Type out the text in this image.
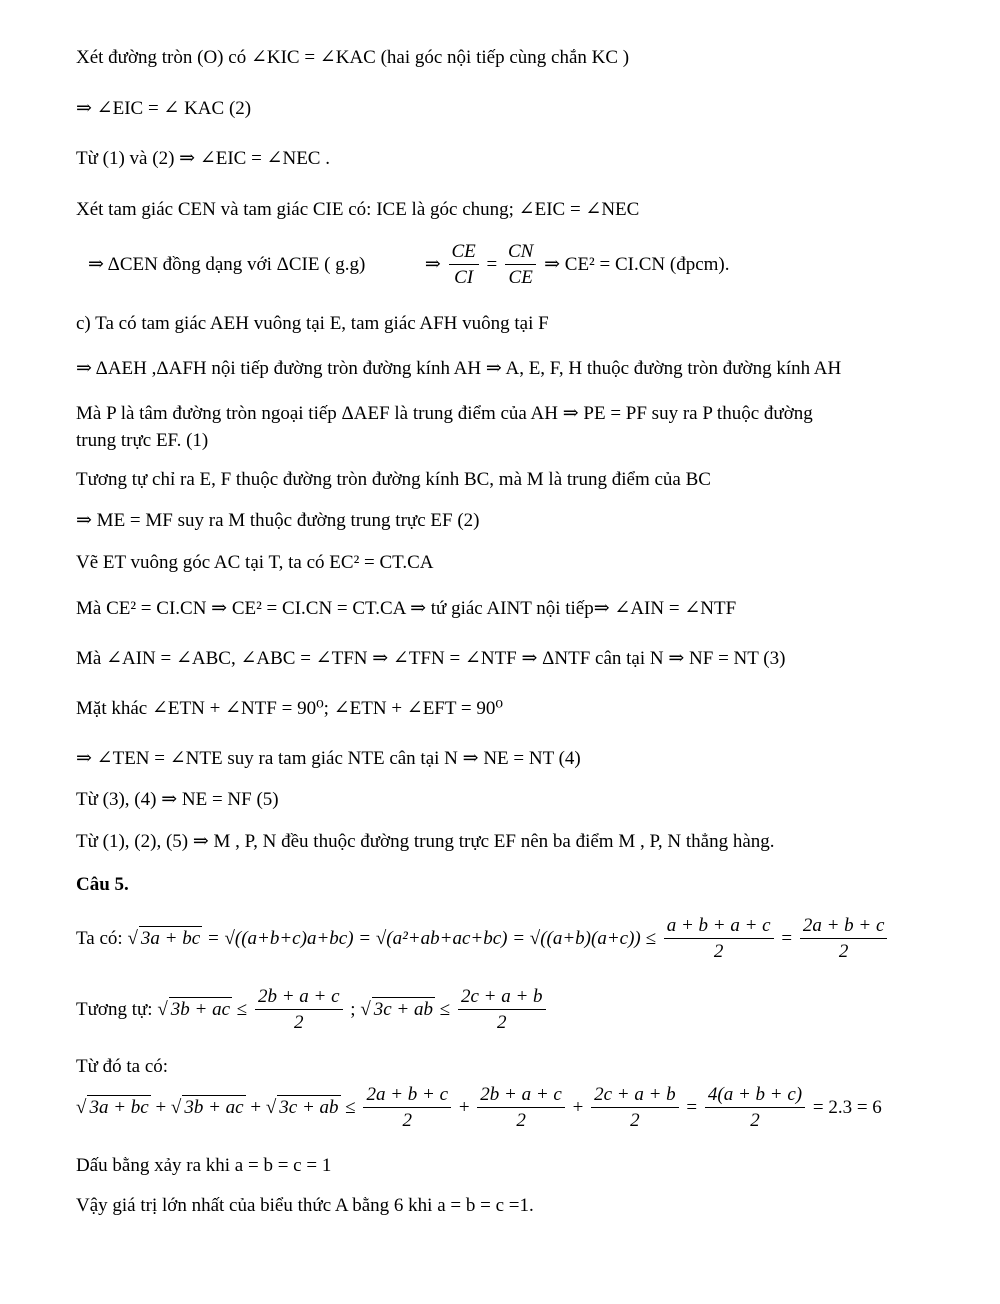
Xét đường tròn (O) có ∠KIC = ∠KAC (hai góc nội tiếp cùng chắn KC )
⇒ ∠EIC = ∠ KAC (2)
Từ (1) và (2) ⇒ ∠EIC = ∠NEC .
Xét tam giác CEN và tam giác CIE có: ICE là góc chung; ∠EIC = ∠NEC
⇒ ΔCEN đồng dạng với ΔCIE ( g.g)	⇒ $\frac{CE}{CI} = \frac{CN}{CE}$ ⇒ CE² = CI.CN (đpcm).
c) Ta có tam giác AEH vuông tại E, tam giác AFH vuông tại F
⇒ ΔAEH ,ΔAFH nội tiếp đường tròn đường kính AH ⇒ A, E, F, H thuộc đường tròn đường kính AH
Mà P là tâm đường tròn ngoại tiếp ΔAEF là trung điểm của AH ⇒ PE = PF suy ra P thuộc đường
trung trực EF. (1)
Tương tự chỉ ra E, F thuộc đường tròn đường kính BC, mà M là trung điểm của BC
⇒ ME = MF suy ra M thuộc đường trung trực EF (2)
Vẽ ET vuông góc AC tại T, ta có EC² = CT.CA
Mà CE² = CI.CN ⇒ CE² = CI.CN = CT.CA ⇒ tứ giác AINT nội tiếp⇒ ∠AIN = ∠NTF
Mà ∠AIN = ∠ABC, ∠ABC = ∠TFN ⇒ ∠TFN = ∠NTF ⇒ ΔNTF cân tại N ⇒ NF = NT (3)
Mặt khác ∠ETN + ∠NTF = 90⁰; ∠ETN + ∠EFT = 90⁰
⇒ ∠TEN = ∠NTE suy ra tam giác NTE cân tại N ⇒ NE = NT (4)
Từ (3), (4) ⇒ NE = NF (5)
Từ (1), (2), (5) ⇒ M , P, N đều thuộc đường trung trực EF nên ba điểm M , P, N thẳng hàng.
Câu 5.
Ta có: √ 3a + bc = $√((a+b+c)a+bc) = √(a^2+ab+ac+bc) = √((a+b)(a+c)) \le \frac{a + b + a + c}{2} = \frac{2a + b + c}{2}$
Tương tự: √ 3b + ac ≤ $\frac{2b + a + c}{2}$ ; √ 3c + ab ≤ $\frac{2c + a + b}{2}$
Từ đó ta có:
√ 3a + bc + √ 3b + ac + √ 3c + ab ≤ $\frac{2a + b + c}{2} + \frac{2b + a + c}{2} + \frac{2c + a + b}{2} = \frac{4(a + b + c)}{2} = 2.3 = 6$
Dấu bằng xảy ra khi a = b = c = 1
Vậy giá trị lớn nhất của biểu thức A bằng 6 khi a = b = c =1.
